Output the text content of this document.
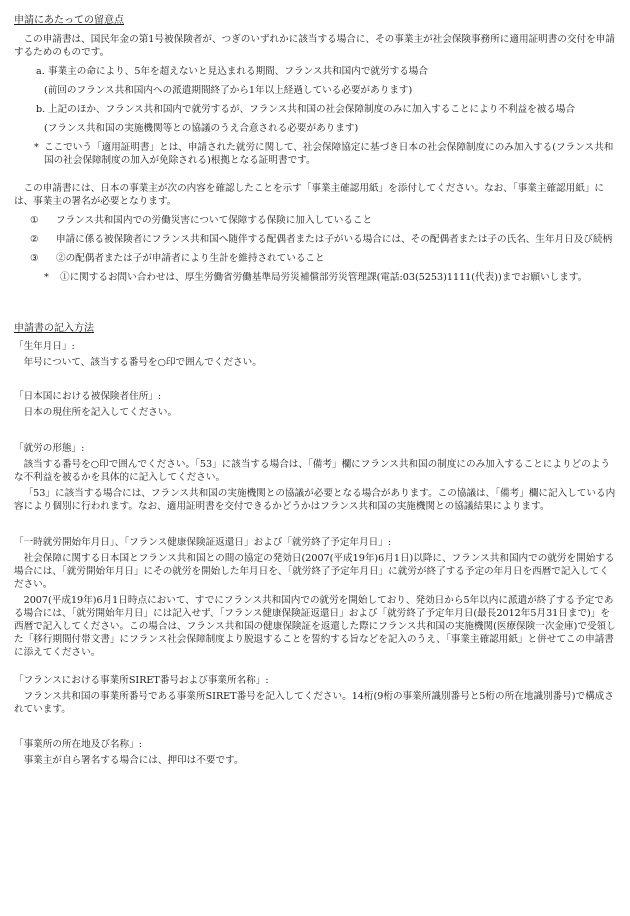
申請にあたっての留意点

この申請書は、国民年金の第1号被保険者が、つぎのいずれかに該当する場合に、その事業主が社会保険事務所に適用証明書の交付を申請するためのものです。

a. 事業主の命により、5年を超えないと見込まれる期間、フランス共和国内で就労する場合
(前回のフランス共和国内への派遣期間終了から1年以上経過している必要があります)
b. 上記のほか、フランス共和国内で就労するが、フランス共和国の社会保障制度のみに加入することにより不利益を被る場合
(フランス共和国の実施機関等との協議のうえ合意される必要があります)
* ここでいう「適用証明書」とは、申請された就労に関して、社会保障協定に基づき日本の社会保障制度にのみ加入する(フランス共和国の社会保障制度の加入が免除される)根拠となる証明書です。

この申請書には、日本の事業主が次の内容を確認したことを示す「事業主確認用紙」を添付してください。なお、「事業主確認用紙」には、事業主の署名が必要となります。

①	フランス共和国内での労働災害について保障する保険に加入していること
②	申請に係る被保険者にフランス共和国へ随伴する配偶者または子がいる場合には、その配偶者または子の氏名、生年月日及び続柄
③	②の配偶者または子が申請者により生計を維持されていること
*	①に関するお問い合わせは、厚生労働省労働基準局労災補償部労災管理課(電話:03(5253)1111(代表))までお願いします。
申請書の記入方法

「生年月日」:

年号について、該当する番号を○印で囲んでください。

「日本国における被保険者住所」:

日本の現住所を記入してください。

「就労の形態」:

該当する番号を○印で囲んでください。「53」に該当する場合は、「備考」欄にフランス共和国の制度にのみ加入することによりどのような不利益を被るかを具体的に記入してください。

「53」に該当する場合には、フランス共和国の実施機関との協議が必要となる場合があります。この協議は、「備考」欄に記入している内容により個別に行われます。なお、適用証明書を交付できるかどうかはフランス共和国の実施機関との協議結果によります。

「一時就労開始年月日」、「フランス健康保険証返還日」および「就労終了予定年月日」:

社会保障に関する日本国とフランス共和国との間の協定の発効日(2007(平成19年)6月1日)以降に、フランス共和国内での就労を開始する場合には、「就労開始年月日」にその就労を開始した年月日を、「就労終了予定年月日」に就労が終了する予定の年月日を西暦で記入してください。

2007(平成19年)6月1日時点において、すでにフランス共和国内での就労を開始しており、発効日から5年以内に派遣が終了する予定である場合には、「就労開始年月日」には記入せず、「フランス健康保険証返還日」および「就労終了予定年月日(最長2012年5月31日まで)」を西暦で記入してください。この場合は、フランス共和国の健康保険証を返還した際にフランス共和国の実施機関(医療保険一次金庫)で受領した「移行期間付帯文書」にフランス社会保障制度より脱退することを誓約する旨などを記入のうえ、「事業主確認用紙」と併せてこの申請書に添えてください。

「フランスにおける事業所SIRET番号および事業所名称」:

フランス共和国の事業所番号である事業所SIRET番号を記入してください。14桁(9桁の事業所識別番号と5桁の所在地識別番号)で構成されています。

「事業所の所在地及び名称」:

事業主が自ら署名する場合には、押印は不要です。
